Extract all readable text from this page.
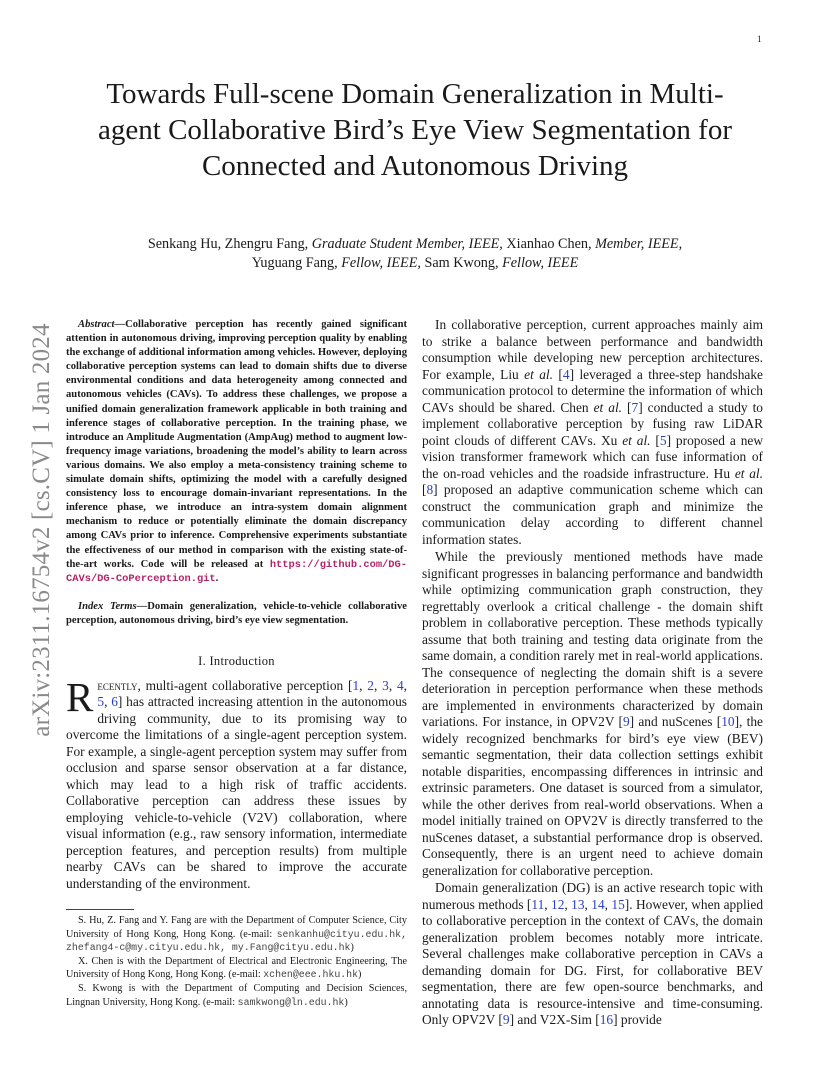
1
arXiv:2311.16754v2 [cs.CV] 1 Jan 2024
Towards Full-scene Domain Generalization in Multi-agent Collaborative Bird’s Eye View Segmentation for Connected and Autonomous Driving
Senkang Hu, Zhengru Fang, Graduate Student Member, IEEE, Xianhao Chen, Member, IEEE,
Yuguang Fang, Fellow, IEEE, Sam Kwong, Fellow, IEEE

Abstract—Collaborative perception has recently gained significant attention in autonomous driving, improving perception quality by enabling the exchange of additional information among vehicles. However, deploying collaborative perception systems can lead to domain shifts due to diverse environmental conditions and data heterogeneity among connected and autonomous vehicles (CAVs). To address these challenges, we propose a unified domain generalization framework applicable in both training and inference stages of collaborative perception. In the training phase, we introduce an Amplitude Augmentation (AmpAug) method to augment low-frequency image variations, broadening the model’s ability to learn across various domains. We also employ a meta-consistency training scheme to simulate domain shifts, optimizing the model with a carefully designed consistency loss to encourage domain-invariant representations. In the inference phase, we introduce an intra-system domain alignment mechanism to reduce or potentially eliminate the domain discrepancy among CAVs prior to inference. Comprehensive experiments substantiate the effectiveness of our method in comparison with the existing state-of-the-art works. Code will be released at https://github.com/DG-CAVs/DG-CoPerception.git.

Index Terms—Domain generalization, vehicle-to-vehicle collaborative perception, autonomous driving, bird’s eye view segmentation.

I. Introduction

Recently, multi-agent collaborative perception [1, 2, 3, 4, 5, 6] has attracted increasing attention in the autonomous driving community, due to its promising way to overcome the limitations of a single-agent perception system. For example, a single-agent perception system may suffer from occlusion and sparse sensor observation at a far distance, which may lead to a high risk of traffic accidents. Collaborative perception can address these issues by employing vehicle-to-vehicle (V2V) collaboration, where visual information (e.g., raw sensory information, intermediate perception features, and perception results) from multiple nearby CAVs can be shared to improve the accurate understanding of the environment.

S. Hu, Z. Fang and Y. Fang are with the Department of Computer Science, City University of Hong Kong, Hong Kong. (e-mail: senkanhu@cityu.edu.hk, zhefang4-c@my.cityu.edu.hk, my.Fang@cityu.edu.hk)

X. Chen is with the Department of Electrical and Electronic Engineering, The University of Hong Kong, Hong Kong. (e-mail: xchen@eee.hku.hk)

S. Kwong is with the Department of Computing and Decision Sciences, Lingnan University, Hong Kong. (e-mail: samkwong@ln.edu.hk)

In collaborative perception, current approaches mainly aim to strike a balance between performance and bandwidth consumption while developing new perception architectures. For example, Liu et al. [4] leveraged a three-step handshake communication protocol to determine the information of which CAVs should be shared. Chen et al. [7] conducted a study to implement collaborative perception by fusing raw LiDAR point clouds of different CAVs. Xu et al. [5] proposed a new vision transformer framework which can fuse information of the on-road vehicles and the roadside infrastructure. Hu et al. [8] proposed an adaptive communication scheme which can construct the communication graph and minimize the communication delay according to different channel information states.

While the previously mentioned methods have made significant progresses in balancing performance and bandwidth while optimizing communication graph construction, they regrettably overlook a critical challenge - the domain shift problem in collaborative perception. These methods typically assume that both training and testing data originate from the same domain, a condition rarely met in real-world applications. The consequence of neglecting the domain shift is a severe deterioration in perception performance when these methods are implemented in environments characterized by domain variations. For instance, in OPV2V [9] and nuScenes [10], the widely recognized benchmarks for bird’s eye view (BEV) semantic segmentation, their data collection settings exhibit notable disparities, encompassing differences in intrinsic and extrinsic parameters. One dataset is sourced from a simulator, while the other derives from real-world observations. When a model initially trained on OPV2V is directly transferred to the nuScenes dataset, a substantial performance drop is observed. Consequently, there is an urgent need to achieve domain generalization for collaborative perception.

Domain generalization (DG) is an active research topic with numerous methods [11, 12, 13, 14, 15]. However, when applied to collaborative perception in the context of CAVs, the domain generalization problem becomes notably more intricate. Several challenges make collaborative perception in CAVs a demanding domain for DG. First, for collaborative BEV segmentation, there are few open-source benchmarks, and annotating data is resource-intensive and time-consuming. Only OPV2V [9] and V2X-Sim [16] provide
